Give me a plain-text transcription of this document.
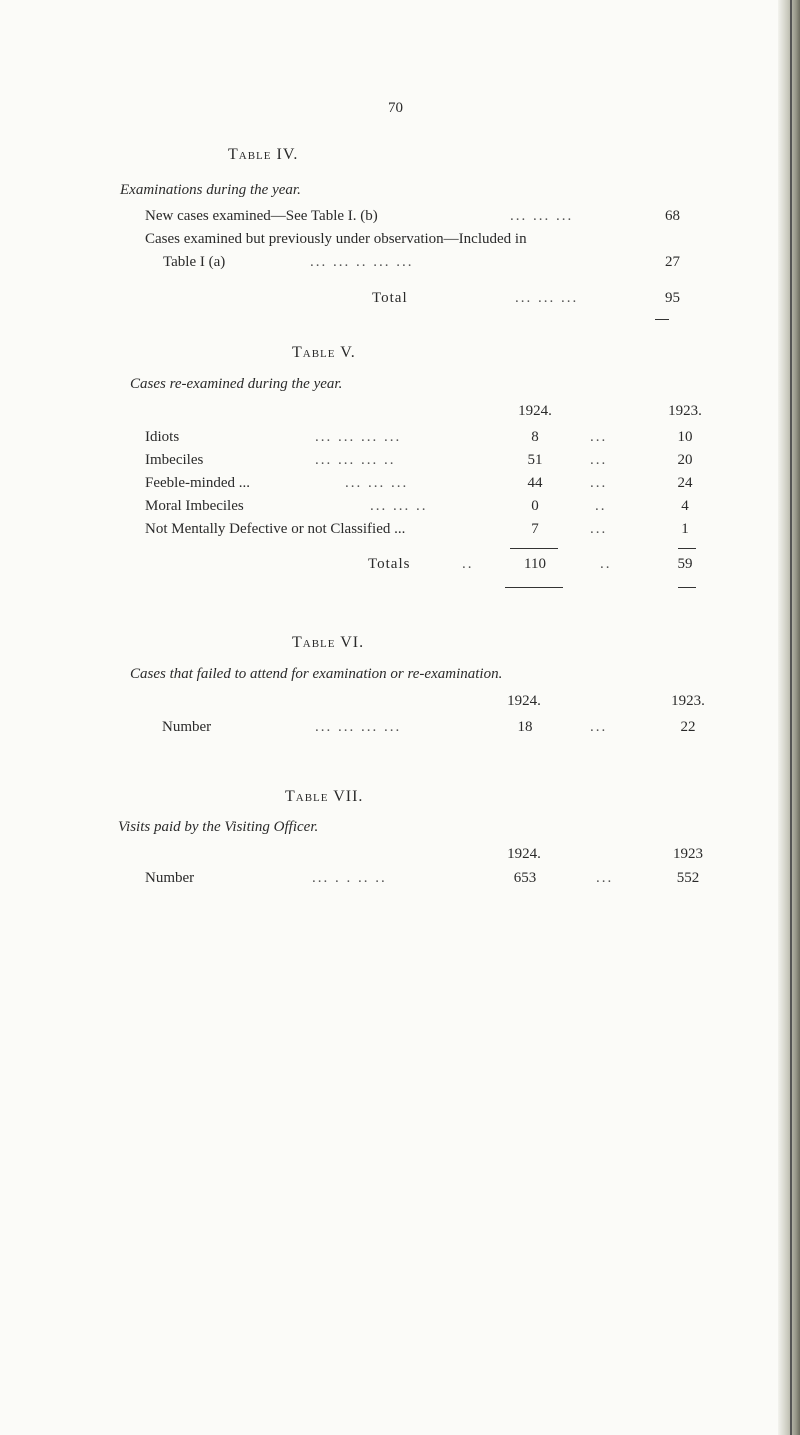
70
Table IV.
Examinations during the year.
New cases examined—See Table I. (b)	... ... ...	68
Cases examined but previously under observation—Included in
Table I (a)	... ... .. ... ...	27
Total	... ... ...	95
Table V.
Cases re-examined during the year.
1924.	1923.
Idiots	... ... ... ...	8	...	10
Imbeciles	... ... ... ..	51	...	20
Feeble-minded ...	... ... ...	44	...	24
Moral Imbeciles	... ... ..	0	..	4
Not Mentally Defective or not Classified ...	7	...	1
Totals	..	110	..	59
Table VI.
Cases that failed to attend for examination or re-examination.
1924.	1923.
Number	... ... ... ...	18	...	22
Table VII.
Visits paid by the Visiting Officer.
1924.	1923
Number	... . . .. ..	653	...	552
